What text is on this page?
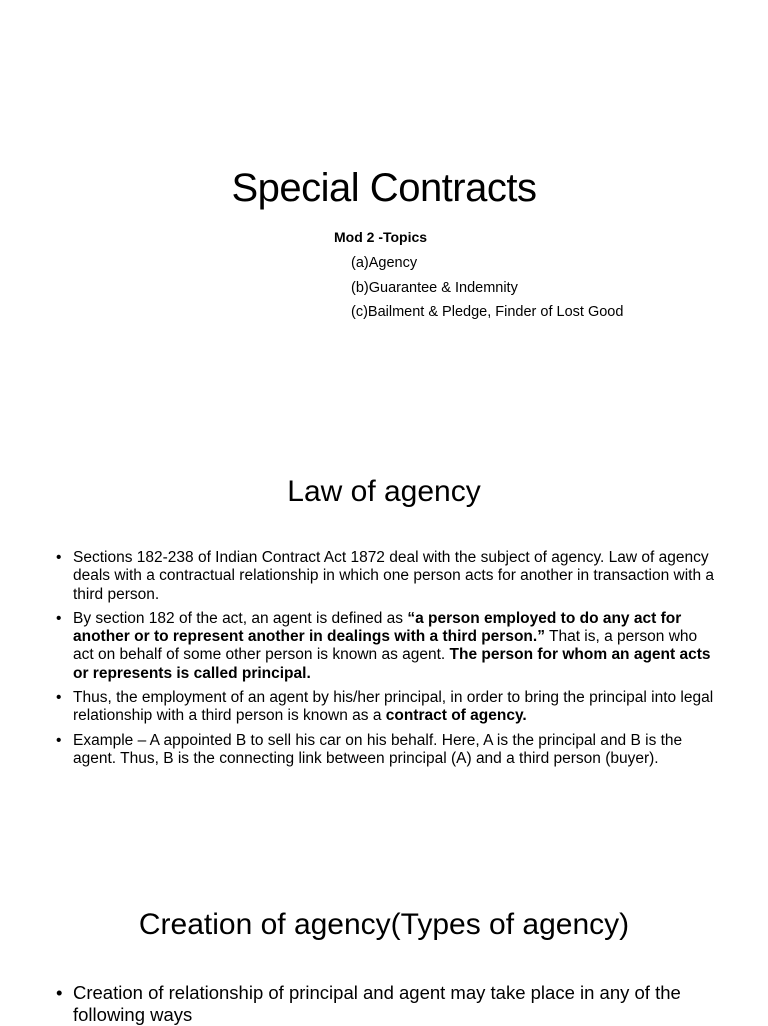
Special Contracts
Mod 2 -Topics
(a)Agency
(b)Guarantee & Indemnity
(c)Bailment & Pledge, Finder of Lost Good
Law of agency
• Sections 182-238 of Indian Contract Act 1872 deal with the subject of agency. Law of agency deals with a contractual relationship in which one person acts for another in transaction with a third person.
• By section 182 of the act, an agent is defined as “a person employed to do any act for another or to represent another in dealings with a third person.” That is, a person who act on behalf of some other person is known as agent. The person for whom an agent acts or represents is called principal.
• Thus, the employment of an agent by his/her principal, in order to bring the principal into legal relationship with a third person is known as a contract of agency.
• Example – A appointed B to sell his car on his behalf. Here, A is the principal and B is the agent. Thus, B is the connecting link between principal (A) and a third person (buyer).
Creation of agency(Types of agency)
• Creation of relationship of principal and agent may take place in any of the following ways
